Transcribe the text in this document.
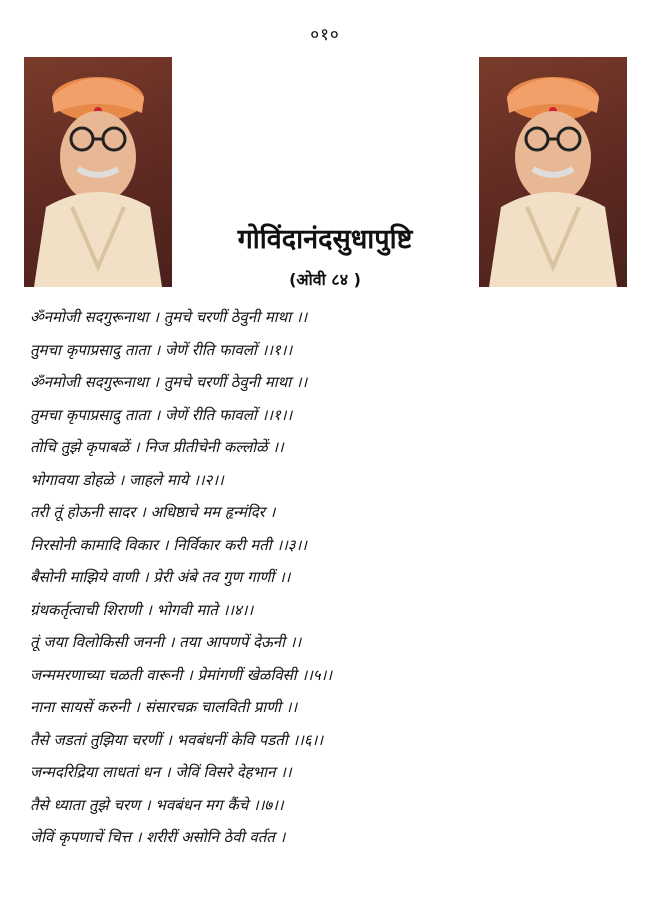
०१०
गोविंदानंदसुधापुष्टि
(ओवी ८४ )
ॐनमोजी सदगुरूनाथा । तुमचे चरणीं ठेवुनी माथा ।।
तुमचा कृपाप्रसादु ताता । जेणें रीति फावलों ।।१।।
ॐनमोजी सदगुरूनाथा । तुमचे चरणीं ठेवुनी माथा ।।
तुमचा कृपाप्रसादु ताता । जेणें रीति फावलों ।।१।।
तोचि तुझे कृपाबळें । निज प्रीतीचेनी कल्लोळें ।।
भोगावया डोहळे । जाहले माये ।।२।।
तरी तूं होऊनी सादर । अधिष्ठाचे मम हृन्मंदिर ।
निरसोनी कामादि विकार । निर्विकार करी मती ।।३।।
बैसोनी माझिये वाणी । प्रेरी अंबे तव गुण गाणीं ।।
ग्रंथकर्तृत्वाची शिराणी । भोगवी माते ।।४।।
तूं जया विलोकिसी जननी । तया आपणपें देऊनी ।।
जन्ममरणाच्या चळती वारूनी । प्रेमांगणीं खेळविसी ।।५।।
नाना सायसें करुनी । संसारचक्र चालविती प्राणी ।।
तैसे जडतां तुझिया चरणीं । भवबंधनीं केवि पडती ।।६।।
जन्मदरिद्रिया लाधतां धन । जेविं विसरे देहभान ।।
तैसे ध्याता तुझे चरण । भवबंधन मग कैंचे ।।७।।
जेविं कृपणाचें चित्त । शरीरीं असोनि ठेवी वर्तत ।
